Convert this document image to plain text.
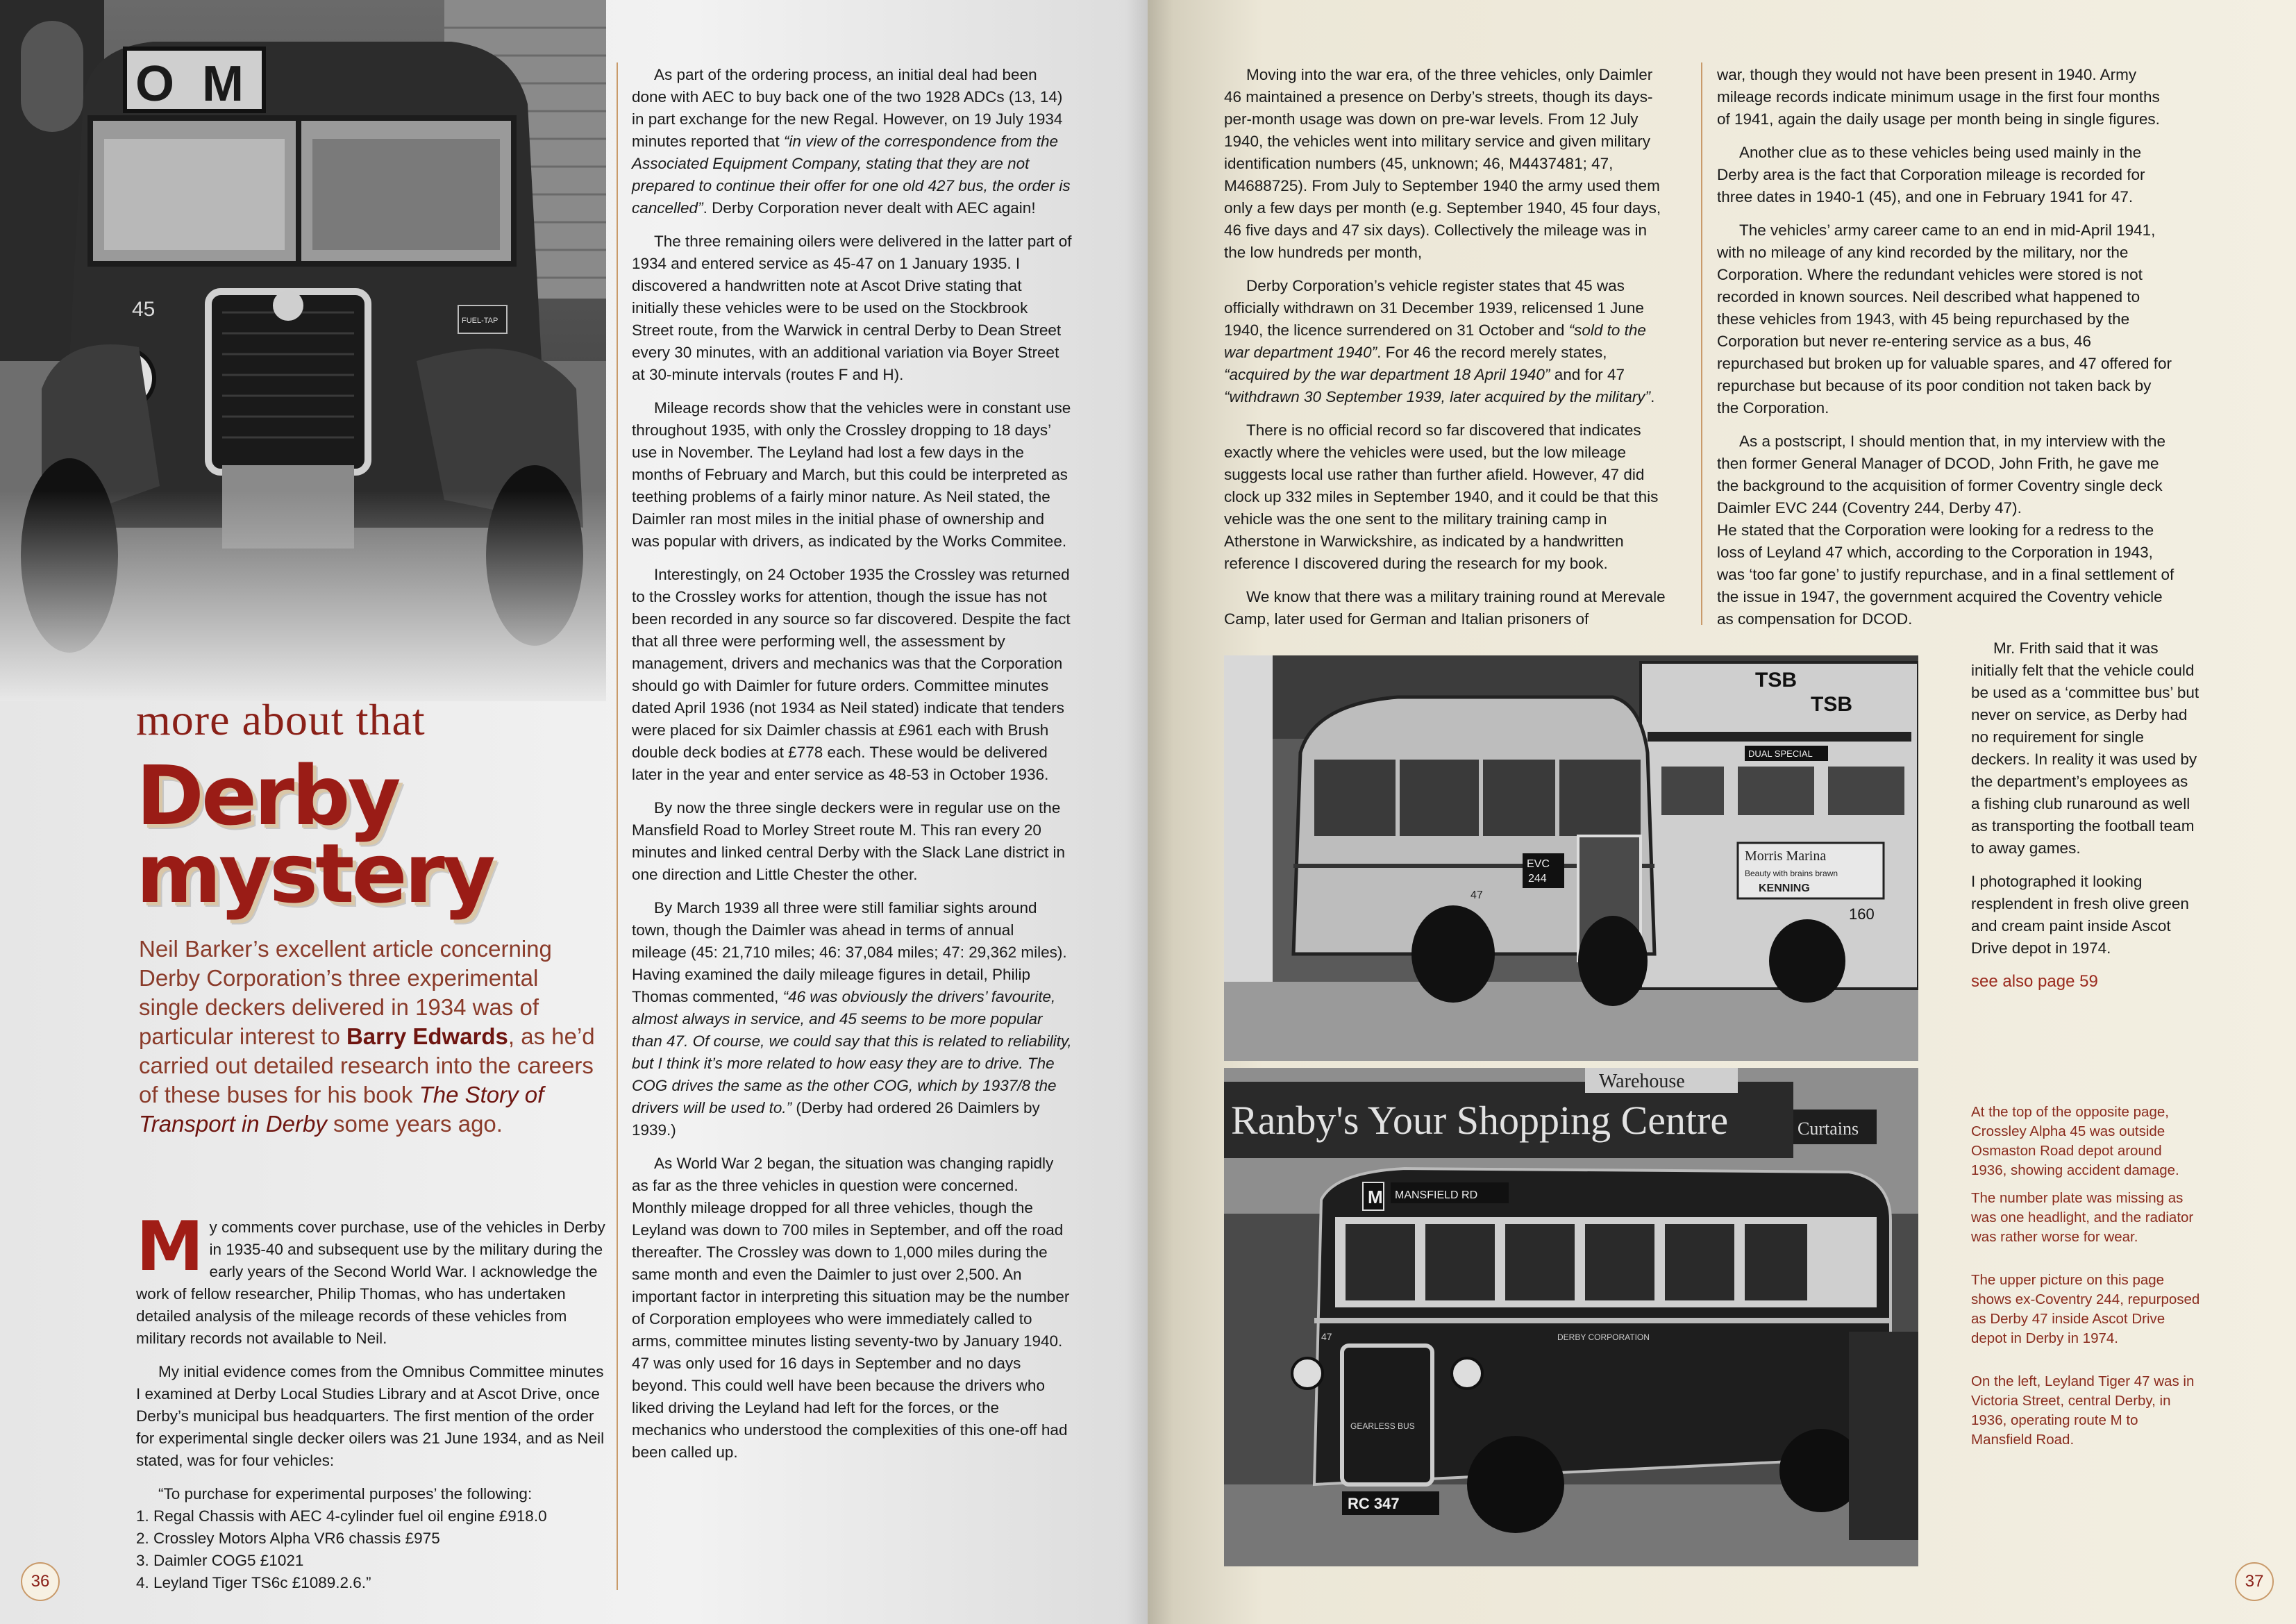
more about that
Derby
mystery
Neil Barker’s excellent article concerning Derby Corporation’s three experimental single deckers delivered in 1934 was of particular interest to Barry Edwards, as he’d carried out detailed research into the careers of these buses for his book The Story of Transport in Derby some years ago.

My comments cover purchase, use of the vehicles in Derby in 1935-40 and subsequent use by the military during the early years of the Second World War. I acknowledge the work of fellow researcher, Philip Thomas, who has undertaken detailed analysis of the mileage records of these vehicles from military records not available to Neil.

My initial evidence comes from the Omnibus Committee minutes I examined at Derby Local Studies Library and at Ascot Drive, once Derby’s municipal bus headquarters. The first mention of the order for experimental single decker oilers was 21 June 1934, and as Neil stated, was for four vehicles:

“To purchase for experimental purposes’ the following:

1. Regal Chassis with AEC 4-cylinder fuel oil engine £918.0
2. Crossley Motors Alpha VR6 chassis £975
3. Daimler COG5 £1021
4. Leyland Tiger TS6c £1089.2.6.”

As part of the ordering process, an initial deal had been done with AEC to buy back one of the two 1928 ADCs (13, 14) in part exchange for the new Regal. However, on 19 July 1934 minutes reported that “in view of the correspondence from the Associated Equipment Company, stating that they are not prepared to continue their offer for one old 427 bus, the order is cancelled”. Derby Corporation never dealt with AEC again!

The three remaining oilers were delivered in the latter part of 1934 and entered service as 45-47 on 1 January 1935. I discovered a handwritten note at Ascot Drive stating that initially these vehicles were to be used on the Stockbrook Street route, from the Warwick in central Derby to Dean Street every 30 minutes, with an additional variation via Boyer Street at 30-minute intervals (routes F and H).

Mileage records show that the vehicles were in constant use throughout 1935, with only the Crossley dropping to 18 days’ use in November. The Leyland had lost a few days in the months of February and March, but this could be interpreted as teething problems of a fairly minor nature. As Neil stated, the Daimler ran most miles in the initial phase of ownership and was popular with drivers, as indicated by the Works Commitee.

Interestingly, on 24 October 1935 the Crossley was returned to the Crossley works for attention, though the issue has not been recorded in any source so far discovered. Despite the fact that all three were performing well, the assessment by management, drivers and mechanics was that the Corporation should go with Daimler for future orders. Committee minutes dated April 1936 (not 1934 as Neil stated) indicate that tenders were placed for six Daimler chassis at £961 each with Brush double deck bodies at £778 each. These would be delivered later in the year and enter service as 48-53 in October 1936.

By now the three single deckers were in regular use on the Mansfield Road to Morley Street route M. This ran every 20 minutes and linked central Derby with the Slack Lane district in one direction and Little Chester the other.

By March 1939 all three were still familiar sights around town, though the Daimler was ahead in terms of annual mileage (45: 21,710 miles; 46: 37,084 miles; 47: 29,362 miles). Having examined the daily mileage figures in detail, Philip Thomas commented, “46 was obviously the drivers’ favourite, almost always in service, and 45 seems to be more popular than 47. Of course, we could say that this is related to reliability, but I think it’s more related to how easy they are to drive. The COG drives the same as the other COG, which by 1937/8 the drivers will be used to.” (Derby had ordered 26 Daimlers by 1939.)

As World War 2 began, the situation was changing rapidly as far as the three vehicles in question were concerned. Monthly mileage dropped for all three vehicles, though the Leyland was down to 700 miles in September, and off the road thereafter. The Crossley was down to 1,000 miles during the same month and even the Daimler to just over 2,500. An important factor in interpreting this situation may be the number of Corporation employees who were immediately called to arms, committee minutes listing seventy-two by January 1940. 47 was only used for 16 days in September and no days beyond. This could well have been because the drivers who liked driving the Leyland had left for the forces, or the mechanics who understood the complexities of this one-off had been called up.

36

Moving into the war era, of the three vehicles, only Daimler 46 maintained a presence on Derby’s streets, though its days-per-month usage was down on pre-war levels. From 12 July 1940, the vehicles went into military service and given military identification numbers (45, unknown; 46, M4437481; 47, M4688725). From July to September 1940 the army used them only a few days per month (e.g. September 1940, 45 four days, 46 five days and 47 six days). Collectively the mileage was in the low hundreds per month,

Derby Corporation’s vehicle register states that 45 was officially withdrawn on 31 December 1939, relicensed 1 June 1940, the licence surrendered on 31 October and “sold to the war department 1940”. For 46 the record merely states, “acquired by the war department 18 April 1940” and for 47 “withdrawn 30 September 1939, later acquired by the military”.

There is no official record so far discovered that indicates exactly where the vehicles were used, but the low mileage suggests local use rather than further afield. However, 47 did clock up 332 miles in September 1940, and it could be that this vehicle was the one sent to the military training camp in Atherstone in Warwickshire, as indicated by a handwritten reference I discovered during the research for my book.

We know that there was a military training round at Merevale Camp, later used for German and Italian prisoners of

war, though they would not have been present in 1940. Army mileage records indicate minimum usage in the first four months of 1941, again the daily usage per month being in single figures.

Another clue as to these vehicles being used mainly in the Derby area is the fact that Corporation mileage is recorded for three dates in 1940-1 (45), and one in February 1941 for 47.

The vehicles’ army career came to an end in mid-April 1941, with no mileage of any kind recorded by the military, nor the Corporation. Where the redundant vehicles were stored is not recorded in known sources. Neil described what happened to these vehicles from 1943, with 45 being repurchased by the Corporation but never re-entering service as a bus, 46 repurchased but broken up for valuable spares, and 47 offered for repurchase but because of its poor condition not taken back by the Corporation.

As a postscript, I should mention that, in my interview with the then former General Manager of DCOD, John Frith, he gave me the background to the acquisition of former Coventry single deck Daimler EVC 244 (Coventry 244, Derby 47).

He stated that the Corporation were looking for a redress to the loss of Leyland 47 which, according to the Corporation in 1943, was ‘too far gone’ to justify repurchase, and in a final settlement of the issue in 1947, the government acquired the Coventry vehicle as compensation for DCOD.

Morris Marina
Beauty with brains brawn
KENNING
TSB
TSB
DUAL SPECIAL
160
EVC
244
47

Mr. Frith said that it was initially felt that the vehicle could be used as a ‘committee bus’ but never on service, as Derby had no requirement for single deckers. In reality it was used by the department’s employees as a fishing club runaround as well as transporting the football team to away games.

I photographed it looking resplendent in fresh olive green and cream paint inside Ascot Drive depot in 1974.

see also page 59
Ranby's Your Shopping Centre
Warehouse
Curtains
M MANSFIELD RD
DERBY CORPORATION
47
GEARLESS BUS
RC 347

At the top of the opposite page, Crossley Alpha 45 was outside Osmaston Road depot around 1936, showing accident damage.

The number plate was missing as was one headlight, and the radiator was rather worse for wear.

The upper picture on this page shows ex-Coventry 244, repurposed as Derby 47 inside Ascot Drive depot in Derby in 1974.

On the left, Leyland Tiger 47 was in Victoria Street, central Derby, in 1936, operating route M to Mansfield Road.

37
